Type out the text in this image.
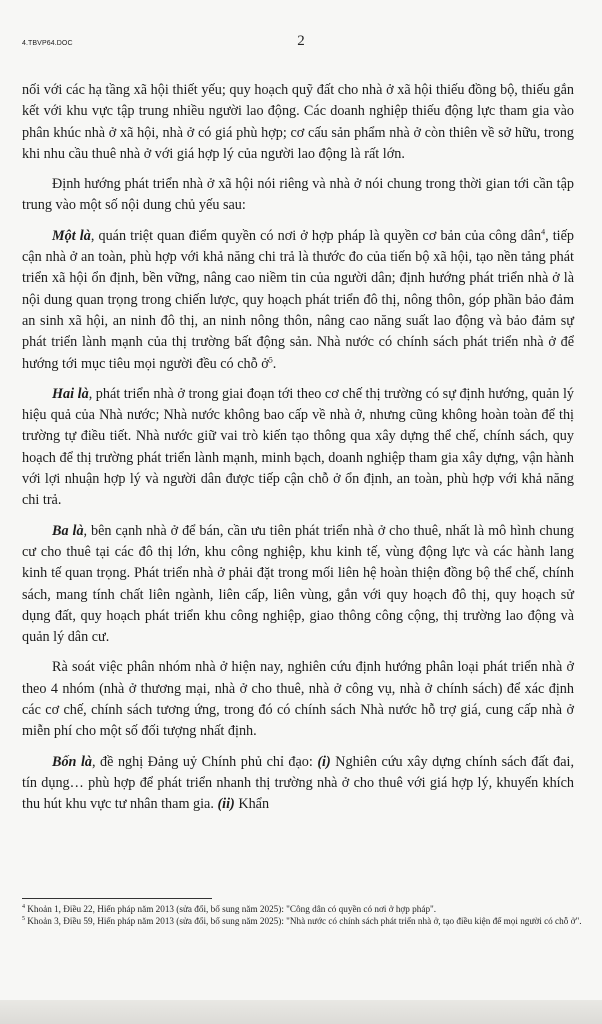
4.TBVP64.DOC	2

nối với các hạ tầng xã hội thiết yếu; quy hoạch quỹ đất cho nhà ở xã hội thiếu đồng bộ, thiếu gắn kết với khu vực tập trung nhiều người lao động. Các doanh nghiệp thiếu động lực tham gia vào phân khúc nhà ở xã hội, nhà ở có giá phù hợp; cơ cấu sản phẩm nhà ở còn thiên về sở hữu, trong khi nhu cầu thuê nhà ở với giá hợp lý của người lao động là rất lớn.

Định hướng phát triển nhà ở xã hội nói riêng và nhà ở nói chung trong thời gian tới cần tập trung vào một số nội dung chủ yếu sau:

Một là, quán triệt quan điểm quyền có nơi ở hợp pháp là quyền cơ bản của công dân$^4$, tiếp cận nhà ở an toàn, phù hợp với khả năng chi trả là thước đo của tiến bộ xã hội, tạo nền tảng phát triển xã hội ổn định, bền vững, nâng cao niềm tin của người dân; định hướng phát triển nhà ở là nội dung quan trọng trong chiến lược, quy hoạch phát triển đô thị, nông thôn, góp phần bảo đảm an sinh xã hội, an ninh đô thị, an ninh nông thôn, nâng cao năng suất lao động và bảo đảm sự phát triển lành mạnh của thị trường bất động sản. Nhà nước có chính sách phát triển nhà ở để hướng tới mục tiêu mọi người đều có chỗ ở$^5$.

Hai là, phát triển nhà ở trong giai đoạn tới theo cơ chế thị trường có sự định hướng, quản lý hiệu quả của Nhà nước; Nhà nước không bao cấp về nhà ở, nhưng cũng không hoàn toàn để thị trường tự điều tiết. Nhà nước giữ vai trò kiến tạo thông qua xây dựng thể chế, chính sách, quy hoạch để thị trường phát triển lành mạnh, minh bạch, doanh nghiệp tham gia xây dựng, vận hành với lợi nhuận hợp lý và người dân được tiếp cận chỗ ở ổn định, an toàn, phù hợp với khả năng chi trả.

Ba là, bên cạnh nhà ở để bán, cần ưu tiên phát triển nhà ở cho thuê, nhất là mô hình chung cư cho thuê tại các đô thị lớn, khu công nghiệp, khu kinh tế, vùng động lực và các hành lang kinh tế quan trọng. Phát triển nhà ở phải đặt trong mối liên hệ hoàn thiện đồng bộ thể chế, chính sách, mang tính chất liên ngành, liên cấp, liên vùng, gắn với quy hoạch đô thị, quy hoạch sử dụng đất, quy hoạch phát triển khu công nghiệp, giao thông công cộng, thị trường lao động và quản lý dân cư.

Rà soát việc phân nhóm nhà ở hiện nay, nghiên cứu định hướng phân loại phát triển nhà ở theo 4 nhóm (nhà ở thương mại, nhà ở cho thuê, nhà ở công vụ, nhà ở chính sách) để xác định các cơ chế, chính sách tương ứng, trong đó có chính sách Nhà nước hỗ trợ giá, cung cấp nhà ở miễn phí cho một số đối tượng nhất định.

Bốn là, đề nghị Đảng uỷ Chính phủ chỉ đạo: (i) Nghiên cứu xây dựng chính sách đất đai, tín dụng… phù hợp để phát triển nhanh thị trường nhà ở cho thuê với giá hợp lý, khuyến khích thu hút khu vực tư nhân tham gia. (ii) Khẩn

$^4$ Khoản 1, Điều 22, Hiến pháp năm 2013 (sửa đổi, bổ sung năm 2025): "Công dân có quyền có nơi ở hợp pháp".

$^5$ Khoản 3, Điều 59, Hiến pháp năm 2013 (sửa đổi, bổ sung năm 2025): "Nhà nước có chính sách phát triển nhà ở, tạo điều kiện để mọi người có chỗ ở".
